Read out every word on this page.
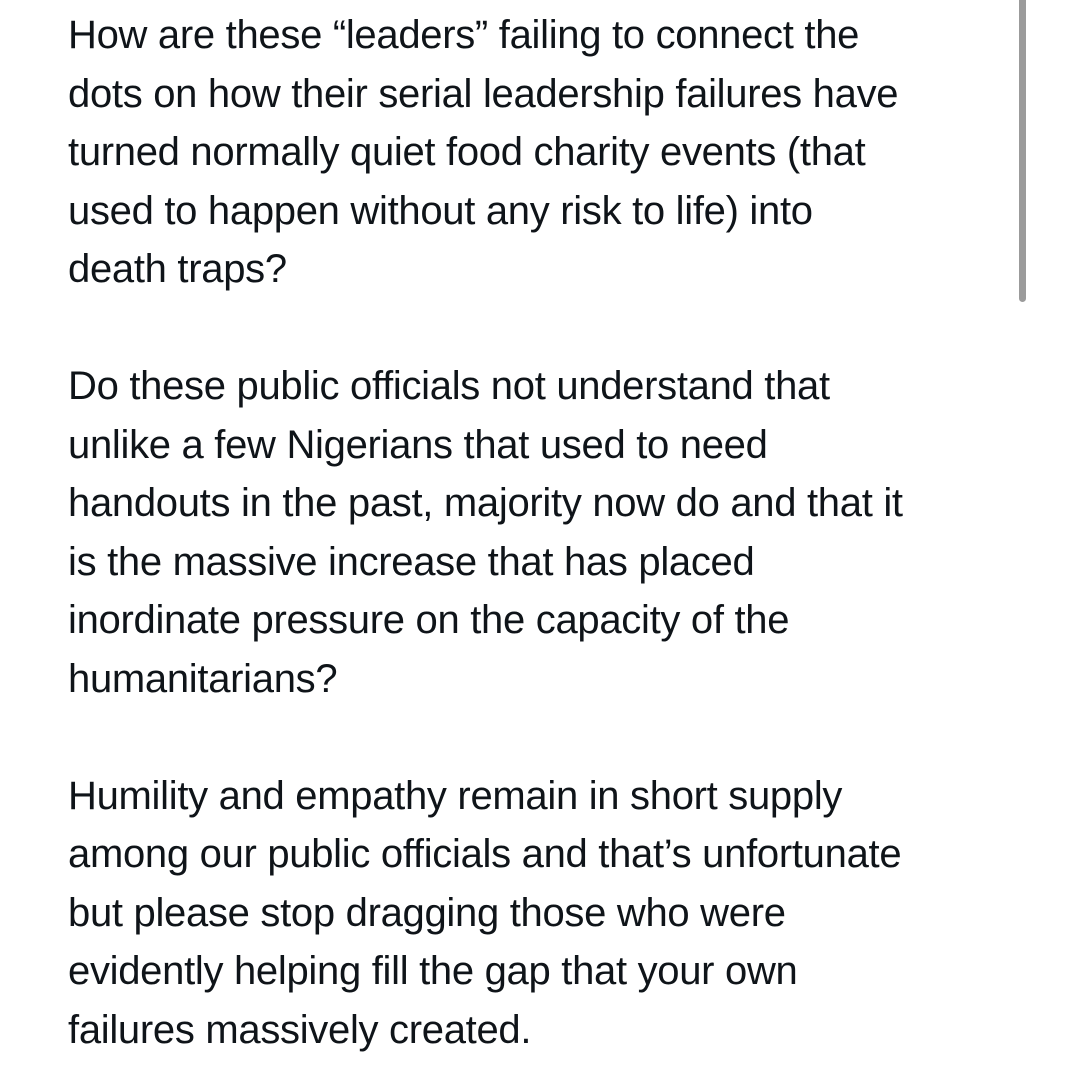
How are these “leaders” failing to connect the
dots on how their serial leadership failures have
turned normally quiet food charity events (that
used to happen without any risk to life) into
death traps?

Do these public officials not understand that
unlike a few Nigerians that used to need
handouts in the past, majority now do and that it
is the massive increase that has placed
inordinate pressure on the capacity of the
humanitarians?

Humility and empathy remain in short supply
among our public officials and that’s unfortunate
but please stop dragging those who were
evidently helping fill the gap that your own
failures massively created.
